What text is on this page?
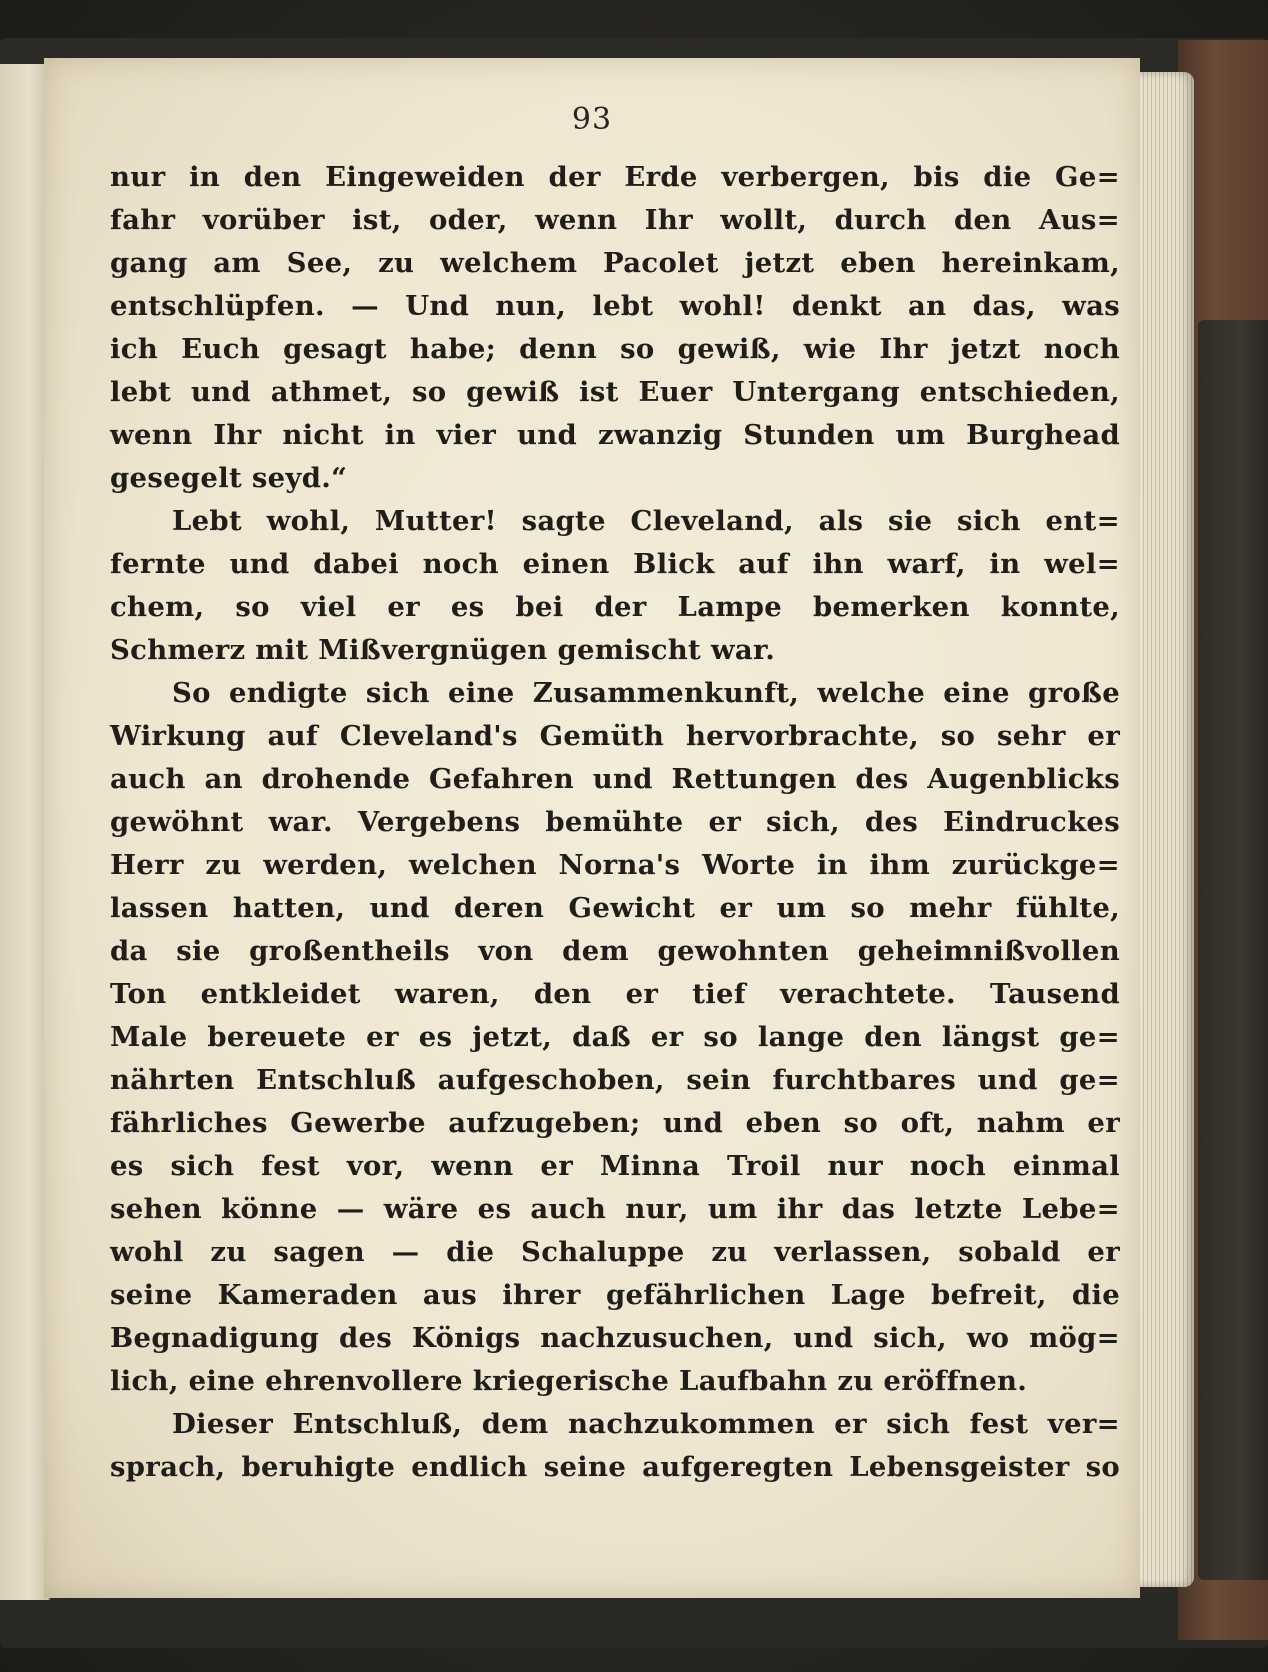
93
nur in den Eingeweiden der Erde verbergen, bis die Ge=
fahr vorüber ist, oder, wenn Ihr wollt, durch den Aus=
gang am See, zu welchem Pacolet jetzt eben hereinkam,
entschlüpfen. — Und nun, lebt wohl! denkt an das, was
ich Euch gesagt habe; denn so gewiß, wie Ihr jetzt noch
lebt und athmet, so gewiß ist Euer Untergang entschieden,
wenn Ihr nicht in vier und zwanzig Stunden um Burghead
gesegelt seyd.“
Lebt wohl, Mutter! sagte Cleveland, als sie sich ent=
fernte und dabei noch einen Blick auf ihn warf, in wel=
chem, so viel er es bei der Lampe bemerken konnte,
Schmerz mit Mißvergnügen gemischt war.
So endigte sich eine Zusammenkunft, welche eine große
Wirkung auf Cleveland's Gemüth hervorbrachte, so sehr er
auch an drohende Gefahren und Rettungen des Augenblicks
gewöhnt war. Vergebens bemühte er sich, des Eindruckes
Herr zu werden, welchen Norna's Worte in ihm zurückge=
lassen hatten, und deren Gewicht er um so mehr fühlte,
da sie großentheils von dem gewohnten geheimnißvollen
Ton entkleidet waren, den er tief verachtete. Tausend
Male bereuete er es jetzt, daß er so lange den längst ge=
nährten Entschluß aufgeschoben, sein furchtbares und ge=
fährliches Gewerbe aufzugeben; und eben so oft, nahm er
es sich fest vor, wenn er Minna Troil nur noch einmal
sehen könne — wäre es auch nur, um ihr das letzte Lebe=
wohl zu sagen — die Schaluppe zu verlassen, sobald er
seine Kameraden aus ihrer gefährlichen Lage befreit, die
Begnadigung des Königs nachzusuchen, und sich, wo mög=
lich, eine ehrenvollere kriegerische Laufbahn zu eröffnen.
Dieser Entschluß, dem nachzukommen er sich fest ver=
sprach, beruhigte endlich seine aufgeregten Lebensgeister so
